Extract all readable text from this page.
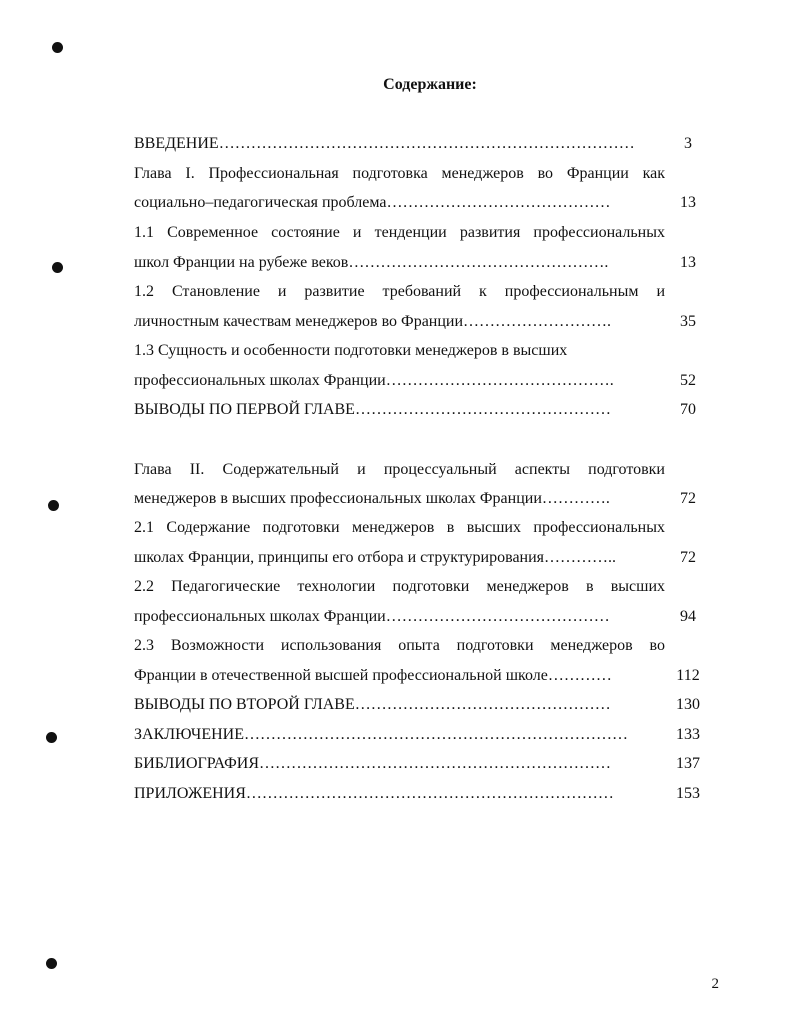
Содержание:
ВВЕДЕНИЕ……………………………………………………………………	3
Глава I. Профессиональная подготовка менеджеров во Франции как
социально–педагогическая проблема……………………………………	13
1.1 Современное состояние и тенденции развития профессиональных
школ Франции на рубеже веков………………………………………….	13
1.2 Становление и развитие требований к профессиональным и
личностным качествам менеджеров во Франции……………………….	35
1.3 Сущность и особенности подготовки менеджеров в высших
профессиональных школах Франции…………………………………….	52
ВЫВОДЫ ПО ПЕРВОЙ ГЛАВЕ…………………………………………	70
Глава II. Содержательный и процессуальный аспекты подготовки
менеджеров в высших профессиональных школах Франции………….	72
2.1 Содержание подготовки менеджеров в высших профессиональных
школах Франции, принципы его отбора и структурирования…………..	72
2.2 Педагогические технологии подготовки менеджеров в высших
профессиональных школах Франции……………………………………	94
2.3 Возможности использования опыта подготовки менеджеров во
Франции в отечественной высшей профессиональной школе…………	112
ВЫВОДЫ ПО ВТОРОЙ ГЛАВЕ…………………………………………	130
ЗАКЛЮЧЕНИЕ………………………………………………………………	133
БИБЛИОГРАФИЯ…………………………………………………………	137
ПРИЛОЖЕНИЯ……………………………………………………………	153
2
